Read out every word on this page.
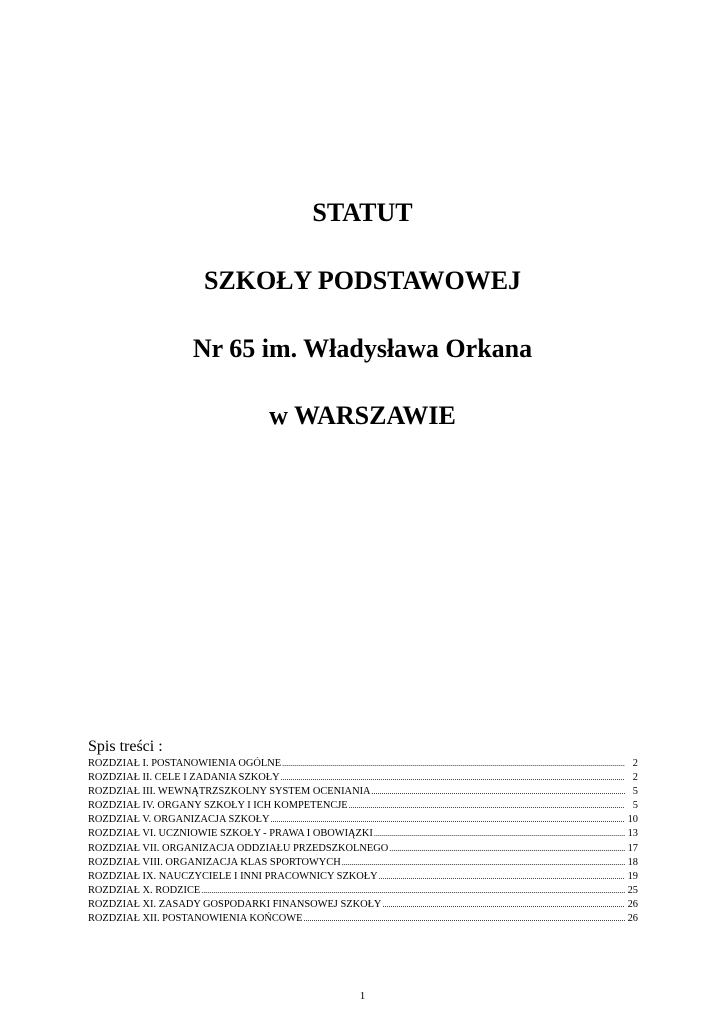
STATUT
SZKOŁY PODSTAWOWEJ
Nr 65 im. Władysława Orkana
w WARSZAWIE
Spis treści :
ROZDZIAŁ I. POSTANOWIENIA OGÓLNE .....	2
ROZDZIAŁ II. CELE I ZADANIA SZKOŁY .....	2
ROZDZIAŁ III. WEWNĄTRZSZKOLNY SYSTEM OCENIANIA .....	5
ROZDZIAŁ IV. ORGANY SZKOŁY I ICH KOMPETENCJE .....	5
ROZDZIAŁ V. ORGANIZACJA SZKOŁY .....	10
ROZDZIAŁ VI. UCZNIOWIE SZKOŁY - PRAWA I OBOWIĄZKI .....	13
ROZDZIAŁ VII. ORGANIZACJA ODDZIAŁU PRZEDSZKOLNEGO .....	17
ROZDZIAŁ VIII. ORGANIZACJA KLAS SPORTOWYCH .....	18
ROZDZIAŁ IX. NAUCZYCIELE I INNI PRACOWNICY SZKOŁY .....	19
ROZDZIAŁ X. RODZICE .....	25
ROZDZIAŁ XI. ZASADY GOSPODARKI FINANSOWEJ SZKOŁY .....	26
ROZDZIAŁ XII. POSTANOWIENIA KOŃCOWE .....	26
1
